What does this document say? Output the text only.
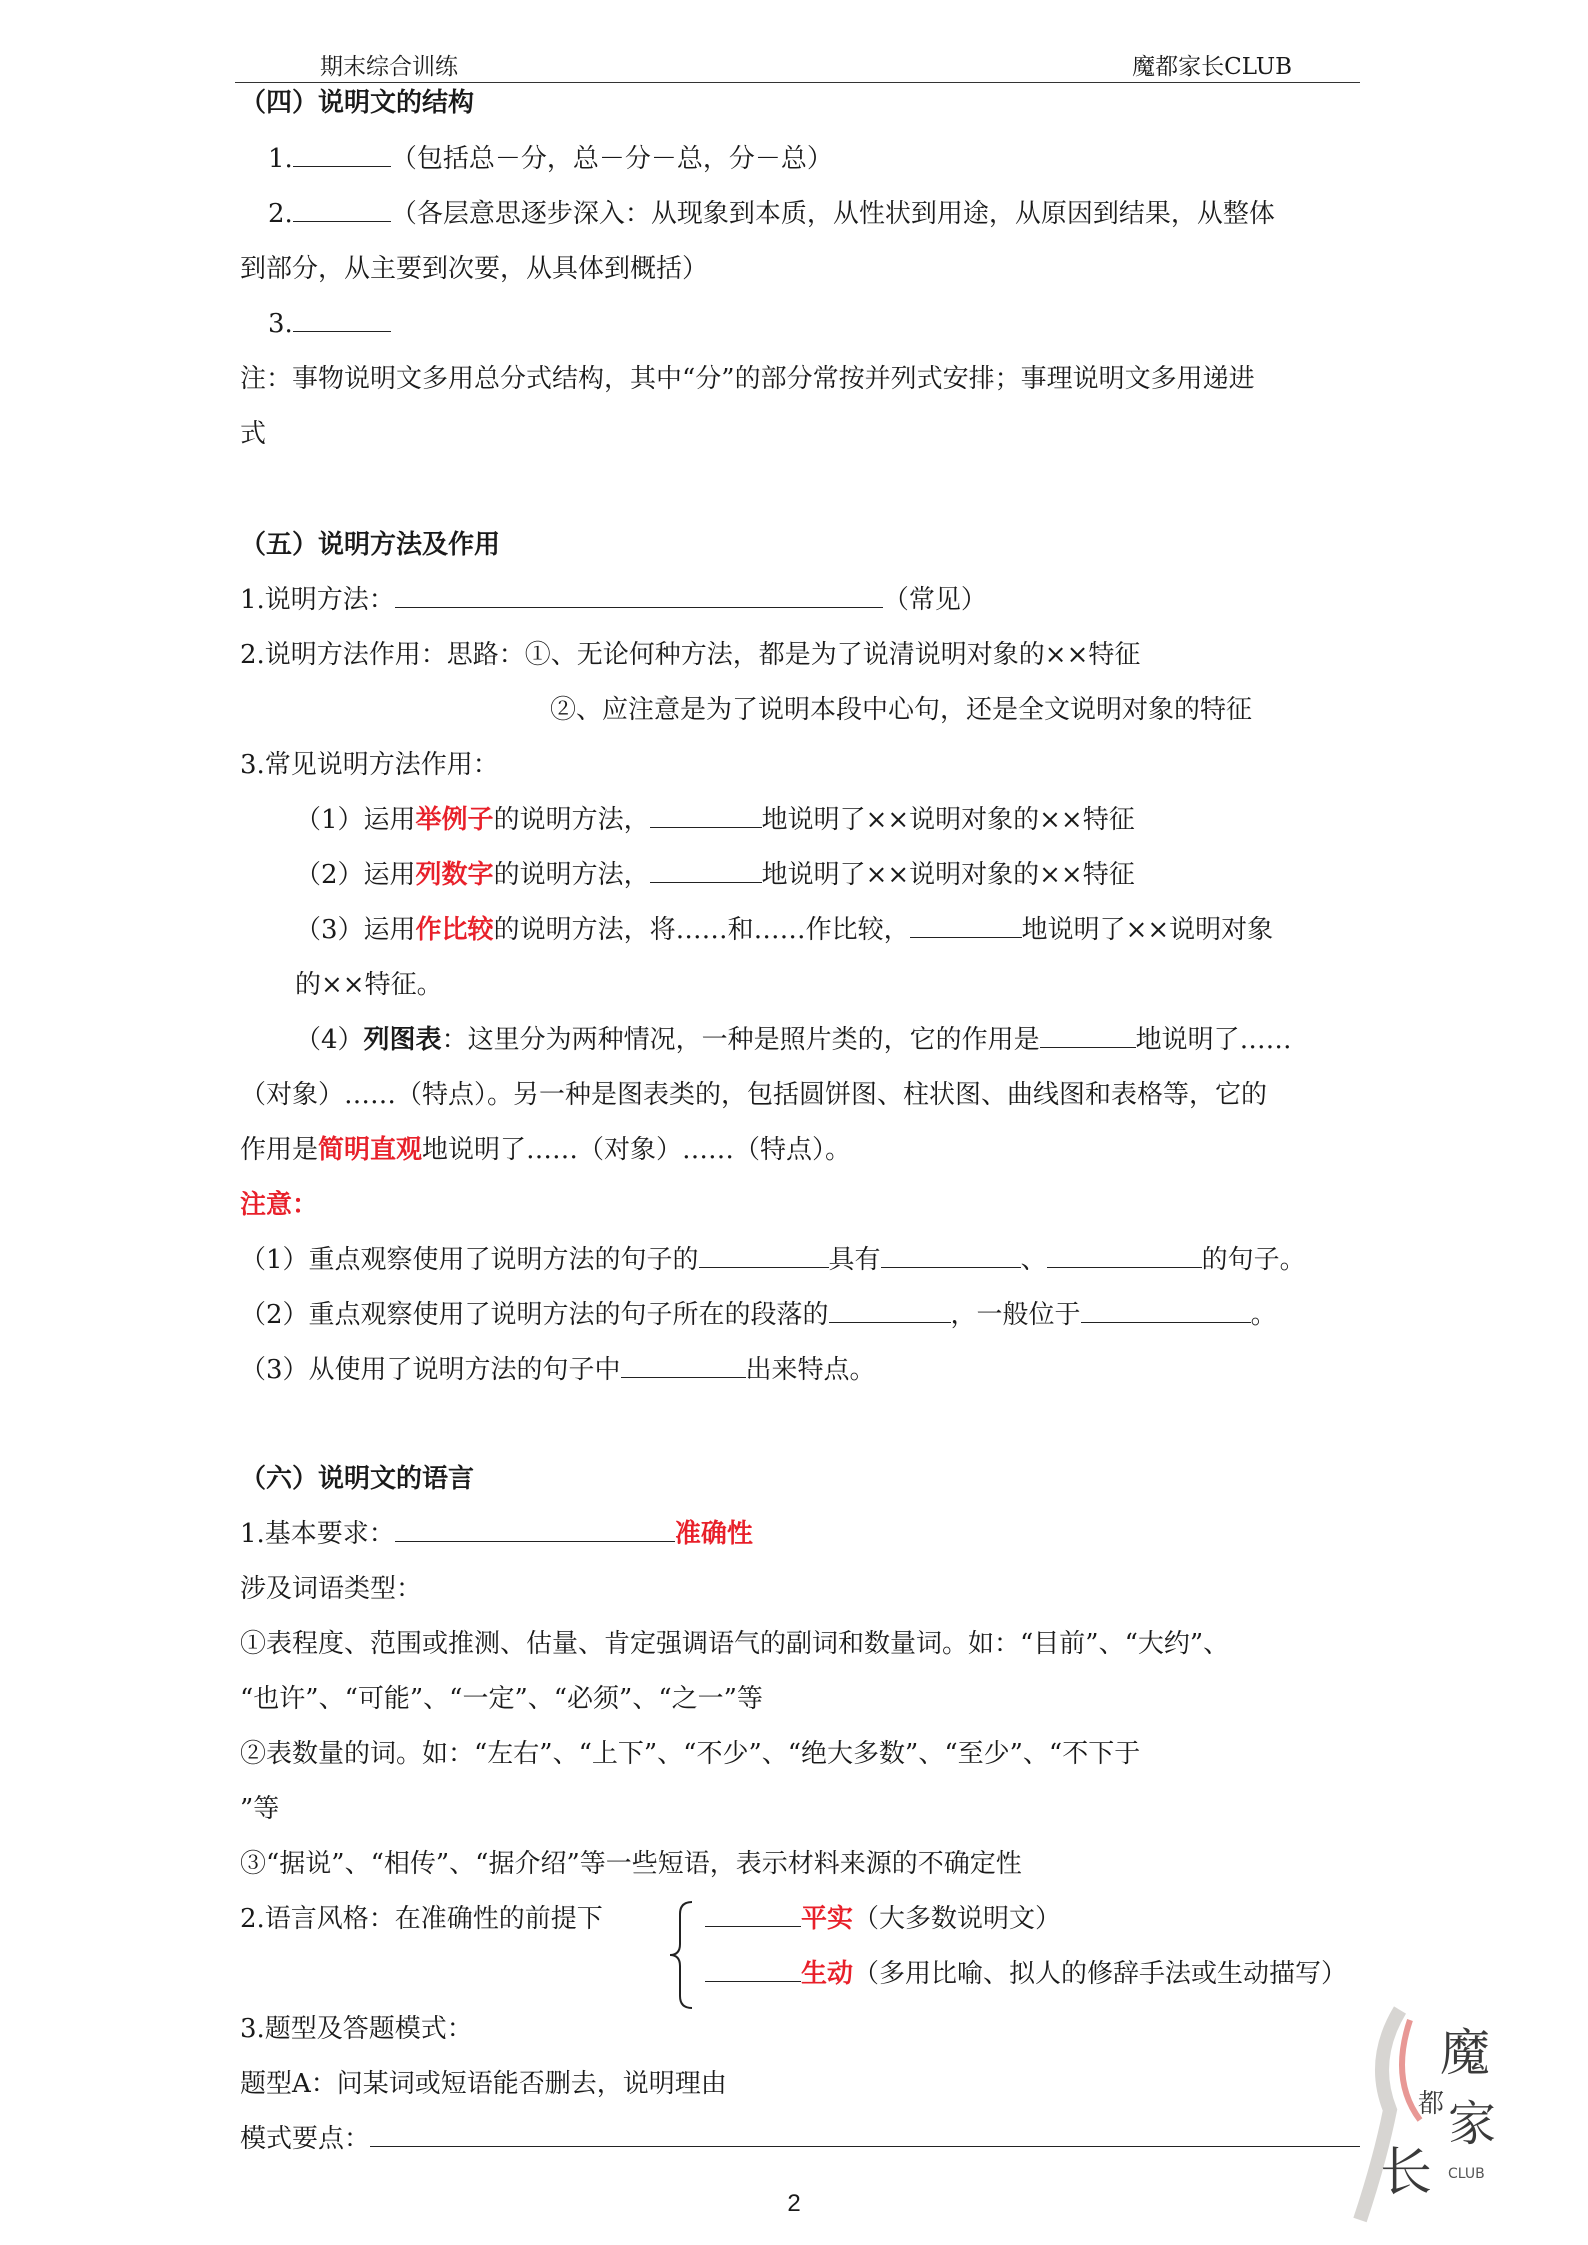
期末综合训练	魔都家长CLUB
（四）说明文的结构
1.	（包括总－分，总－分－总，分－总）
2.	（各层意思逐步深入：从现象到本质，从性状到用途，从原因到结果，从整体
到部分，从主要到次要，从具体到概括）
3.
注：事物说明文多用总分式结构，其中“分”的部分常按并列式安排；事理说明文多用递进
式
（五）说明方法及作用
1.说明方法：	（常见）
2.说明方法作用：思路：①、无论何种方法，都是为了说清说明对象的××特征
②、应注意是为了说明本段中心句，还是全文说明对象的特征
3.常见说明方法作用：
（1）运用举例子的说明方法，	地说明了××说明对象的××特征
（2）运用列数字的说明方法，	地说明了××说明对象的××特征
（3）运用作比较的说明方法，将……和……作比较，	地说明了××说明对象
的××特征。
（4）列图表：这里分为两种情况，一种是照片类的，它的作用是	地说明了……
（对象）……（特点）。另一种是图表类的，包括圆饼图、柱状图、曲线图和表格等，它的
作用是简明直观地说明了……（对象）……（特点）。
注意：
（1）重点观察使用了说明方法的句子的	具有	、	的句子。
（2）重点观察使用了说明方法的句子所在的段落的	，一般位于	。
（3）从使用了说明方法的句子中	出来特点。
（六）说明文的语言
1.基本要求：	准确性
涉及词语类型：
①表程度、范围或推测、估量、肯定强调语气的副词和数量词。如：“目前”、“大约”、
“也许”、“可能”、“一定”、“必须”、“之一”等
②表数量的词。如：“左右”、“上下”、“不少”、“绝大多数”、“至少”、“不下于
”等
③“据说”、“相传”、“据介绍”等一些短语，表示材料来源的不确定性
2.语言风格：在准确性的前提下	平实（大多数说明文）
生动（多用比喻、拟人的修辞手法或生动描写）
3.题型及答题模式：
题型A：问某词或短语能否删去，说明理由
模式要点：
2
魔
都 家
长 CLUB
